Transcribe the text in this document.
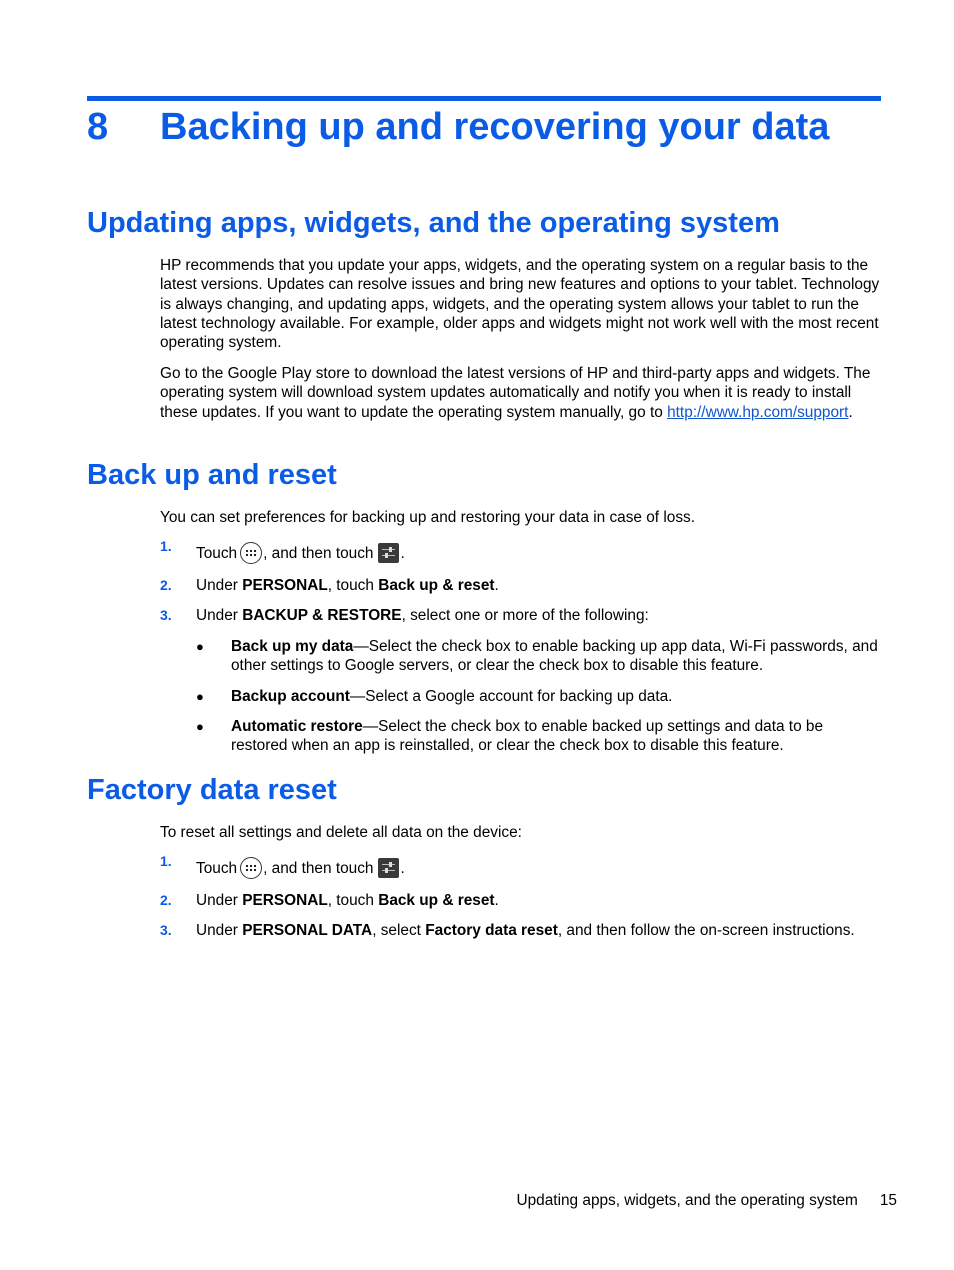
8 Backing up and recovering your data
Updating apps, widgets, and the operating system

HP recommends that you update your apps, widgets, and the operating system on a regular basis to the latest versions. Updates can resolve issues and bring new features and options to your tablet. Technology is always changing, and updating apps, widgets, and the operating system allows your tablet to run the latest technology available. For example, older apps and widgets might not work well with the most recent operating system.

Go to the Google Play store to download the latest versions of HP and third-party apps and widgets. The operating system will download system updates automatically and notify you when it is ready to install these updates. If you want to update the operating system manually, go to http://www.hp.com/support.

Back up and reset

You can set preferences for backing up and restoring your data in case of loss.

1. Touch , and then touch .
2. Under PERSONAL, touch Back up & reset.
3. Under BACKUP & RESTORE, select one or more of the following:
● Back up my data—Select the check box to enable backing up app data, Wi-Fi passwords, and other settings to Google servers, or clear the check box to disable this feature.
● Backup account—Select a Google account for backing up data.
● Automatic restore—Select the check box to enable backed up settings and data to be restored when an app is reinstalled, or clear the check box to disable this feature.
Factory data reset

To reset all settings and delete all data on the device:

1. Touch , and then touch .
2. Under PERSONAL, touch Back up & reset.
3. Under PERSONAL DATA, select Factory data reset, and then follow the on-screen instructions.
Updating apps, widgets, and the operating system 15
